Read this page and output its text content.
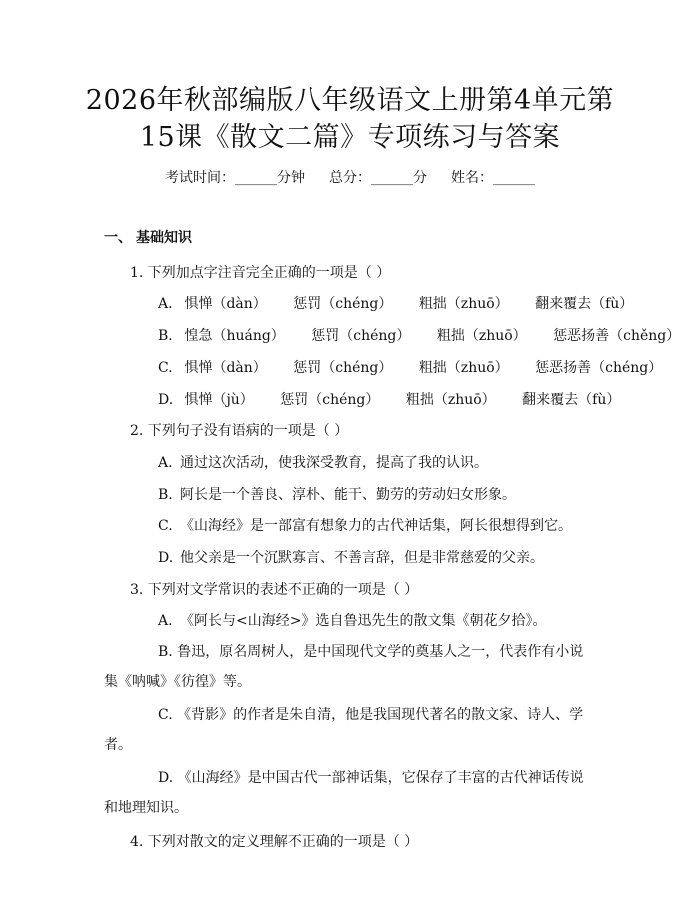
2026年秋部编版八年级语文上册第4单元第
15课《散文二篇》专项练习与答案
考试时间：______分钟 总分：______分 姓名：______
一、 基础知识
1. 下列加点字注音完全正确的一项是（ ）
A. 惧惮（dàn） 惩罚（chéng） 粗拙（zhuō） 翻来覆去（fù）
B. 惶急（huáng） 惩罚（chéng） 粗拙（zhuō） 惩恶扬善（chěng）
C. 惧惮（dàn） 惩罚（chéng） 粗拙（zhuō） 惩恶扬善（chéng）
D. 惧惮（jù） 惩罚（chéng） 粗拙（zhuō） 翻来覆去（fù）
2. 下列句子没有语病的一项是（ ）
A. 通过这次活动，使我深受教育，提高了我的认识。
B. 阿长是一个善良、淳朴、能干、勤劳的劳动妇女形象。
C. 《山海经》是一部富有想象力的古代神话集，阿长很想得到它。
D. 他父亲是一个沉默寡言、不善言辞，但是非常慈爱的父亲。
3. 下列对文学常识的表述不正确的一项是（ ）
A. 《阿长与<山海经>》选自鲁迅先生的散文集《朝花夕拾》。
B. 鲁迅，原名周树人，是中国现代文学的奠基人之一，代表作有小说集《呐喊》《彷徨》等。
C. 《背影》的作者是朱自清，他是我国现代著名的散文家、诗人、学者。
D. 《山海经》是中国古代一部神话集，它保存了丰富的古代神话传说和地理知识。
4. 下列对散文的定义理解不正确的一项是（ ）
